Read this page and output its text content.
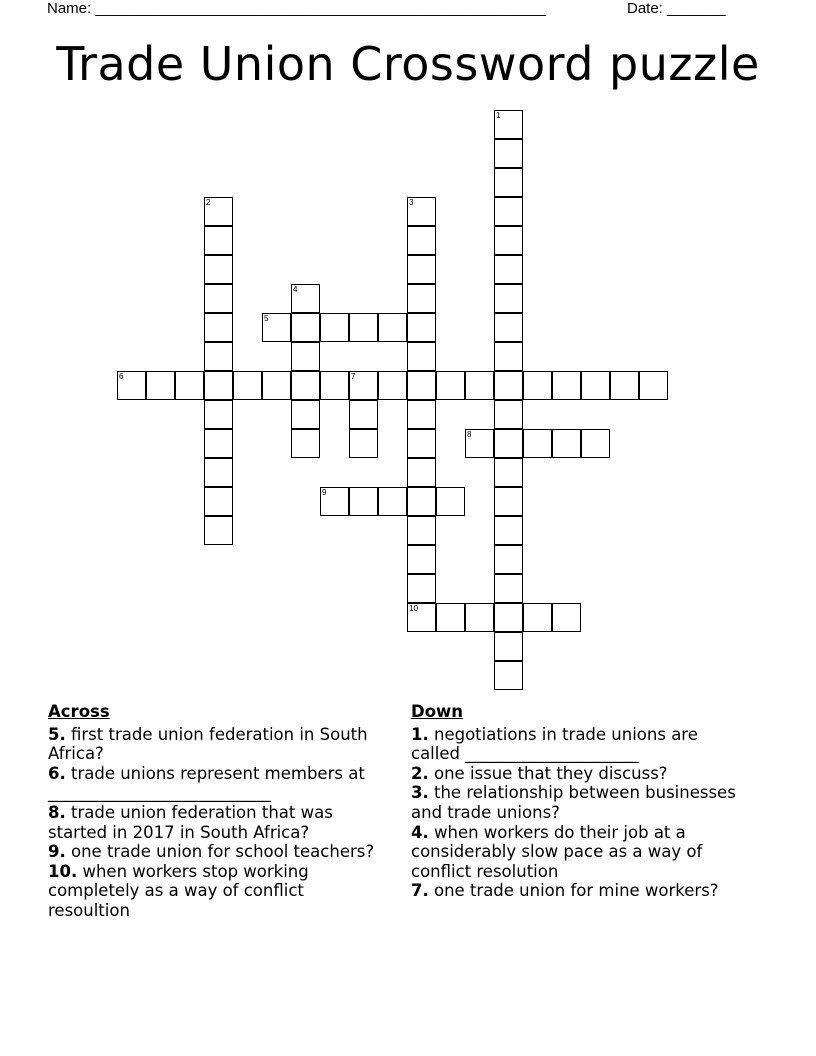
Name: ______________________________________________________	Date: _______
Trade Union Crossword puzzle
1
2	3
10
4
5
6	7
8
9
Across
5. first trade union federation in South Africa?
6. trade unions represent members at ___________________________
8. trade union federation that was started in 2017 in South Africa?
9. one trade union for school teachers?
10. when workers stop working completely as a way of conflict resoultion
Down
1. negotiations in trade unions are called _____________________
2. one issue that they discuss?
3. the relationship between businesses and trade unions?
4. when workers do their job at a considerably slow pace as a way of conflict resolution
7. one trade union for mine workers?
